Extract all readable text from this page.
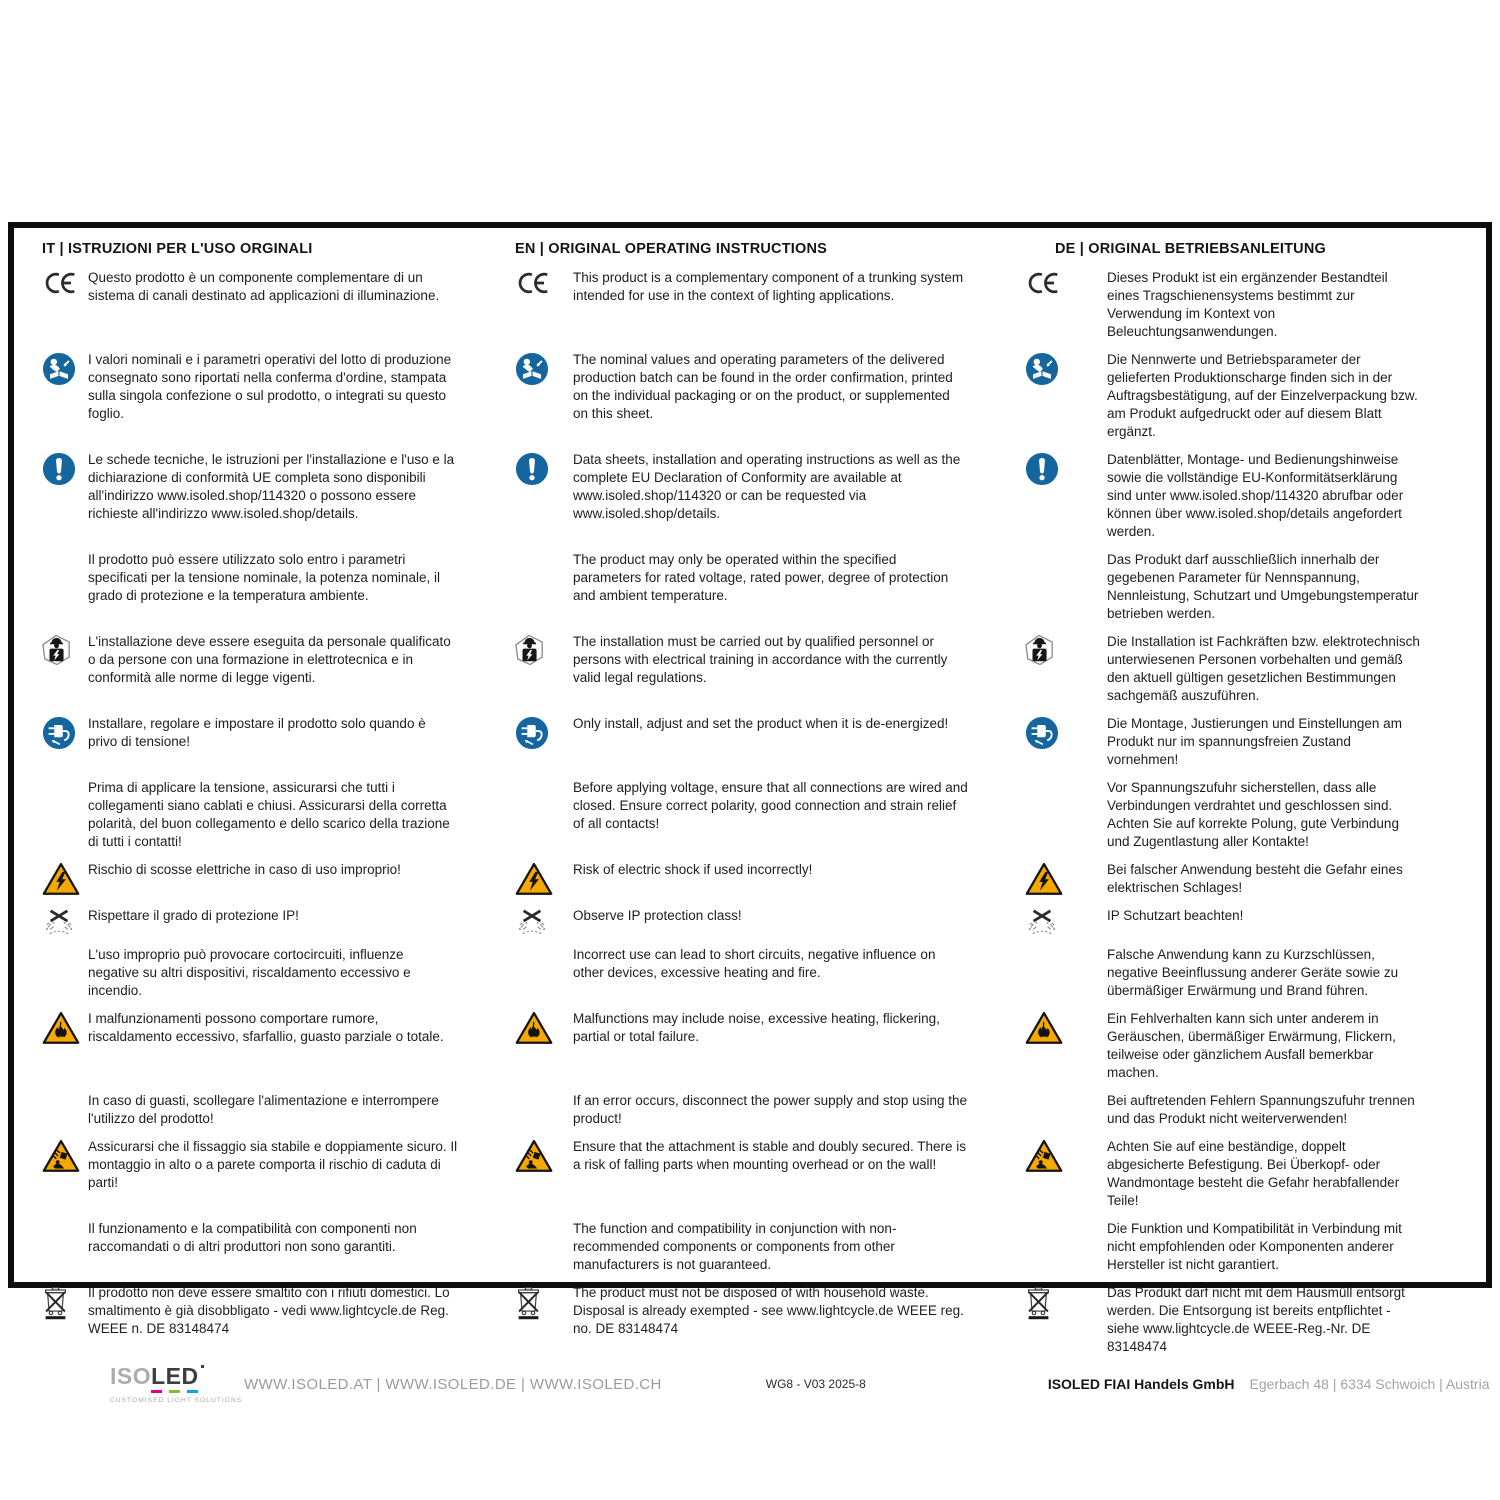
IT | ISTRUZIONI PER L'USO ORGINALI	EN | ORIGINAL OPERATING INSTRUCTIONS	DE | ORIGINAL BETRIEBSANLEITUNG

Questo prodotto è un componente complementare di un sistema di canali destinato ad applicazioni di illuminazione.

This product is a complementary component of a trunking system intended for use in the context of lighting applications.

Dieses Produkt ist ein ergänzender Bestandteil eines Tragschienensystems bestimmt zur Verwendung im Kontext von Beleuchtungsanwendungen.

I valori nominali e i parametri operativi del lotto di produzione consegnato sono riportati nella conferma d'ordine, stampata sulla singola confezione o sul prodotto, o integrati su questo foglio.

The nominal values and operating parameters of the delivered production batch can be found in the order confirmation, printed on the individual packaging or on the product, or supplemented on this sheet.

Die Nennwerte und Betriebsparameter der gelieferten Produktionscharge finden sich in der Auftragsbestätigung, auf der Einzelverpackung bzw. am Produkt aufgedruckt oder auf diesem Blatt ergänzt.

Le schede tecniche, le istruzioni per l'installazione e l'uso e la dichiarazione di conformità UE completa sono disponibili all'indirizzo www.isoled.shop/114320 o possono essere richieste all'indirizzo www.isoled.shop/details.

Data sheets, installation and operating instructions as well as the complete EU Declaration of Conformity are available at www.isoled.shop/114320 or can be requested via www.isoled.shop/details.

Datenblätter, Montage- und Bedienungshinweise sowie die vollständige EU-Konformitätserklärung sind unter www.isoled.shop/114320 abrufbar oder können über www.isoled.shop/details angefordert werden.

Il prodotto può essere utilizzato solo entro i parametri specificati per la tensione nominale, la potenza nominale, il grado di protezione e la temperatura ambiente.

The product may only be operated within the specified parameters for rated voltage, rated power, degree of protection and ambient temperature.

Das Produkt darf ausschließlich innerhalb der gegebenen Parameter für Nennspannung, Nennleistung, Schutzart und Umgebungstemperatur betrieben werden.

L'installazione deve essere eseguita da personale qualificato o da persone con una formazione in elettrotecnica e in conformità alle norme di legge vigenti.

The installation must be carried out by qualified personnel or persons with electrical training in accordance with the currently valid legal regulations.

Die Installation ist Fachkräften bzw. elektrotechnisch unterwiesenen Personen vorbehalten und gemäß den aktuell gültigen gesetzlichen Bestimmungen sachgemäß auszuführen.

Installare, regolare e impostare il prodotto solo quando è privo di tensione!

Only install, adjust and set the product when it is de-energized!	Die Montage, Justierungen und Einstellungen am Produkt nur im spannungsfreien Zustand vornehmen!

Prima di applicare la tensione, assicurarsi che tutti i collegamenti siano cablati e chiusi. Assicurarsi della corretta polarità, del buon collegamento e dello scarico della trazione di tutti i contatti!

Before applying voltage, ensure that all connections are wired and closed. Ensure correct polarity, good connection and strain relief of all contacts!

Vor Spannungszufuhr sicherstellen, dass alle Verbindungen verdrahtet und geschlossen sind. Achten Sie auf korrekte Polung, gute Verbindung und Zugentlastung aller Kontakte!

Rischio di scosse elettriche in caso di uso improprio!	Risk of electric shock if used incorrectly!	Bei falscher Anwendung besteht die Gefahr eines elektrischen Schlages!

Rispettare il grado di protezione IP!	Observe IP protection class!	IP Schutzart beachten!

L'uso improprio può provocare cortocircuiti, influenze negative su altri dispositivi, riscaldamento eccessivo e incendio.

Incorrect use can lead to short circuits, negative influence on other devices, excessive heating and fire.

Falsche Anwendung kann zu Kurzschlüssen, negative Beeinflussung anderer Geräte sowie zu übermäßiger Erwärmung und Brand führen.

I malfunzionamenti possono comportare rumore, riscaldamento eccessivo, sfarfallio, guasto parziale o totale.

Malfunctions may include noise, excessive heating, flickering, partial or total failure.

Ein Fehlverhalten kann sich unter anderem in Geräuschen, übermäßiger Erwärmung, Flickern, teilweise oder gänzlichem Ausfall bemerkbar machen.

In caso di guasti, scollegare l'alimentazione e interrompere l'utilizzo del prodotto!

If an error occurs, disconnect the power supply and stop using the product!

Bei auftretenden Fehlern Spannungszufuhr trennen und das Produkt nicht weiterverwenden!

Assicurarsi che il fissaggio sia stabile e doppiamente sicuro. Il montaggio in alto o a parete comporta il rischio di caduta di parti!

Ensure that the attachment is stable and doubly secured. There is a risk of falling parts when mounting overhead or on the wall!

Achten Sie auf eine beständige, doppelt abgesicherte Befestigung. Bei Überkopf- oder Wandmontage besteht die Gefahr herabfallender Teile!

Il funzionamento e la compatibilità con componenti non raccomandati o di altri produttori non sono garantiti.

The function and compatibility in conjunction with non-recommended components or components from other manufacturers is not guaranteed.

Die Funktion und Kompatibilität in Verbindung mit nicht empfohlenden oder Komponenten anderer Hersteller ist nicht garantiert.

Il prodotto non deve essere smaltito con i rifiuti domestici. Lo smaltimento è già disobbligato - vedi www.lightcycle.de Reg. WEEE n. DE 83148474

The product must not be disposed of with household waste. Disposal is already exempted - see www.lightcycle.de WEEE reg. no. DE 83148474

Das Produkt darf nicht mit dem Hausmüll entsorgt werden. Die Entsorgung ist bereits entpflichtet - siehe www.lightcycle.de WEEE-Reg.-Nr. DE 83148474

ISO LED
CUSTOMISED LIGHT SOLUTIONS
WWW.ISOLED.AT | WWW.ISOLED.DE | WWW.ISOLED.CH	WG8 - V03 2025-8	ISOLED FIAI Handels GmbH Egerbach 48 | 6334 Schwoich | Austria
